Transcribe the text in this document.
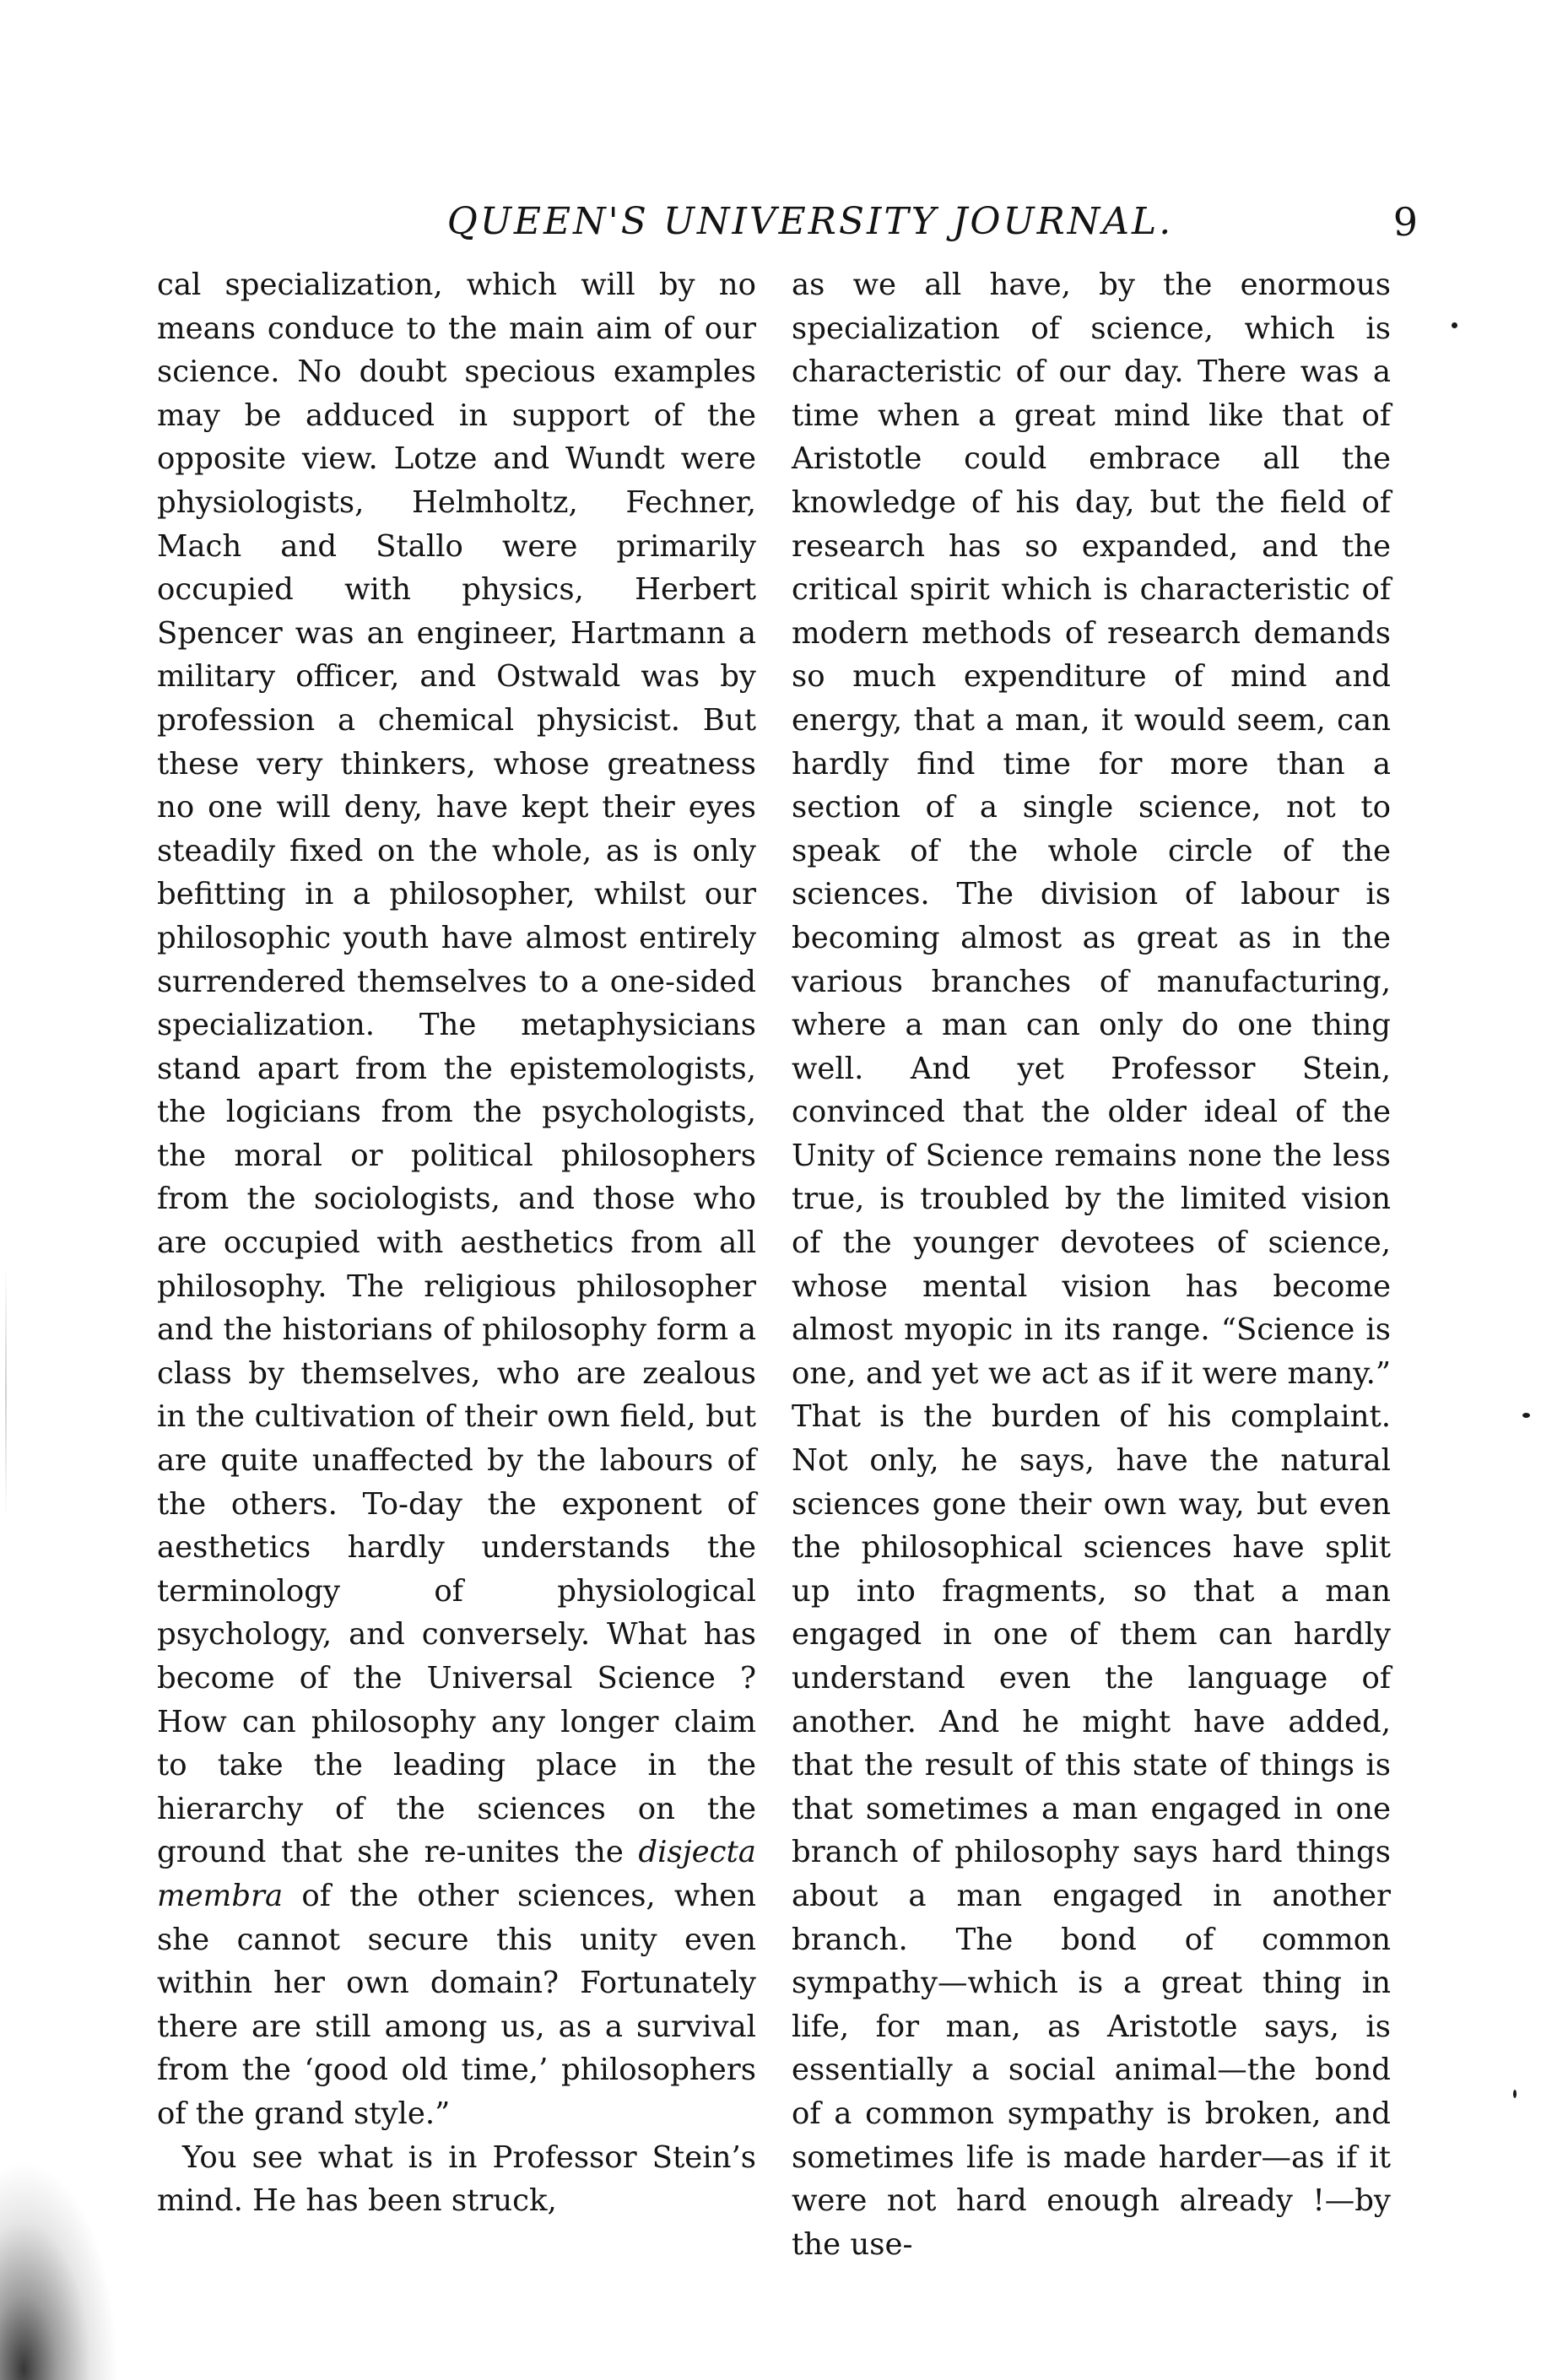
QUEEN'S UNIVERSITY JOURNAL.	9

cal specialization, which will by no means conduce to the main aim of our science. No doubt specious examples may be adduced in support of the opposite view. Lotze and Wundt were physiologists, Helmholtz, Fechner, Mach and Stallo were primarily occupied with physics, Herbert Spencer was an engineer, Hartmann a military officer, and Ostwald was by profession a chemical physicist. But these very thinkers, whose greatness no one will deny, have kept their eyes steadily fixed on the whole, as is only befitting in a philosopher, whilst our philosophic youth have almost entirely surrendered themselves to a one-sided specialization. The metaphysicians stand apart from the epistemologists, the logicians from the psychologists, the moral or political philosophers from the sociologists, and those who are occupied with aesthetics from all philosophy. The religious philosopher and the historians of philosophy form a class by themselves, who are zealous in the cultivation of their own field, but are quite unaffected by the labours of the others. To-day the exponent of aesthetics hardly understands the terminology of physiological psychology, and conversely. What has become of the Universal Science ? How can philosophy any longer claim to take the leading place in the hierarchy of the sciences on the ground that she re-unites the disjecta membra of the other sciences, when she cannot secure this unity even within her own domain? Fortunately there are still among us, as a survival from the ‘good old time,’ philosophers of the grand style.”

You see what is in Professor Stein’s mind. He has been struck,

as we all have, by the enormous specialization of science, which is characteristic of our day. There was a time when a great mind like that of Aristotle could embrace all the knowledge of his day, but the field of research has so expanded, and the critical spirit which is characteristic of modern methods of research demands so much expenditure of mind and energy, that a man, it would seem, can hardly find time for more than a section of a single science, not to speak of the whole circle of the sciences. The division of labour is becoming almost as great as in the various branches of manufacturing, where a man can only do one thing well. And yet Professor Stein, convinced that the older ideal of the Unity of Science remains none the less true, is troubled by the limited vision of the younger devotees of science, whose mental vision has become almost myopic in its range. “Science is one, and yet we act as if it were many.” That is the burden of his complaint. Not only, he says, have the natural sciences gone their own way, but even the philosophical sciences have split up into fragments, so that a man engaged in one of them can hardly understand even the language of another. And he might have added, that the result of this state of things is that sometimes a man engaged in one branch of philosophy says hard things about a man engaged in another branch. The bond of common sympathy—which is a great thing in life, for man, as Aristotle says, is essentially a social animal—the bond of a common sympathy is broken, and sometimes life is made harder—as if it were not hard enough already !—by the use-
